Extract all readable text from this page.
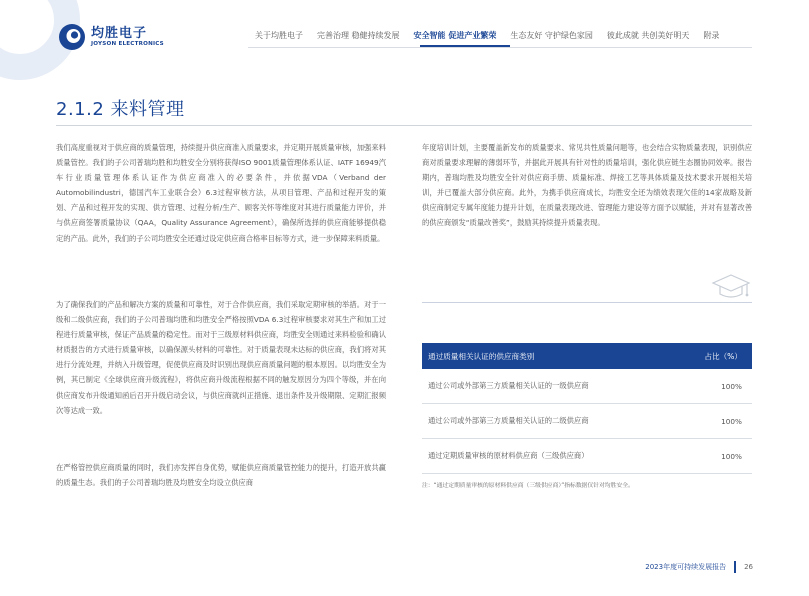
均胜电子
JOYSON ELECTRONICS
关于均胜电子	完善治理 稳健持续发展	安全智能 促进产业繁荣	生态友好 守护绿色家园	彼此成就 共创美好明天	附录
2.1.2 来料管理

我们高度重视对于供应商的质量管理，持续提升供应商准入质量要求，并定期开展质量审核，加强来料质量管控。我们的子公司普瑞均胜和均胜安全分别将获得ISO 9001质量管理体系认证、IATF 16949汽车行业质量管理体系认证作为供应商准入的必要条件，并依据VDA（Verband der Automobilindustri，德国汽车工业联合会）6.3过程审核方法，从项目管理、产品和过程开发的策划、产品和过程开发的实现、供方管理、过程分析/生产、顾客关怀等维度对其进行质量能力评价，并与供应商签署质量协议（QAA，Quality Assurance Agreement），确保所选择的供应商能够提供稳定的产品。此外，我们的子公司均胜安全还通过设定供应商合格率目标等方式，进一步保障来料质量。

为了确保我们的产品和解决方案的质量和可靠性，对于合作供应商，我们采取定期审核的举措。对于一级和二级供应商，我们的子公司普瑞均胜和均胜安全严格按照VDA 6.3过程审核要求对其生产和加工过程进行质量审核，保证产品质量的稳定性。而对于三级原材料供应商，均胜安全则通过来料检验和确认材质报告的方式进行质量审核，以确保源头材料的可靠性。对于质量表现未达标的供应商，我们将对其进行分流处理，并纳入升级管理，促使供应商及时识别出现供应商质量问题的根本原因。以均胜安全为例，其已制定《全球供应商升级流程》，将供应商升级流程根据不同的触发原因分为四个等级，并在向供应商发布升级通知函后召开升级启动会议，与供应商就纠正措施、退出条件及升级期限、定期汇报频次等达成一致。

在严格管控供应商质量的同时，我们亦发挥自身优势，赋能供应商质量管控能力的提升，打造开放共赢的质量生态。我们的子公司普瑞均胜及均胜安全均设立供应商

年度培训计划，主要覆盖新发布的质量要求、常见共性质量问题等，也会结合实物质量表现，识别供应商对质量要求理解的薄弱环节，并据此开展具有针对性的质量培训，强化供应链生态圈协同效率。报告期内，普瑞均胜及均胜安全针对供应商手册、质量标准、焊接工艺等具体质量及技术要求开展相关培训，并已覆盖大部分供应商。此外，为携手供应商成长，均胜安全还为绩效表现欠佳的14家战略及新供应商制定专属年度能力提升计划，在质量表现改进、管理能力建设等方面予以赋能，并对有显著改善的供应商颁发“质量改善奖”，鼓励其持续提升质量表现。

通过质量相关认证的供应商类别	占比（%）
通过公司或外部第三方质量相关认证的一级供应商	100%
通过公司或外部第三方质量相关认证的二级供应商	100%
通过定期质量审核的原材料供应商（三级供应商）	100%
注：“通过定期质量审核的原材料供应商（三级供应商）”指标数据仅针对均胜安全。
2023年度可持续发展报告	26
